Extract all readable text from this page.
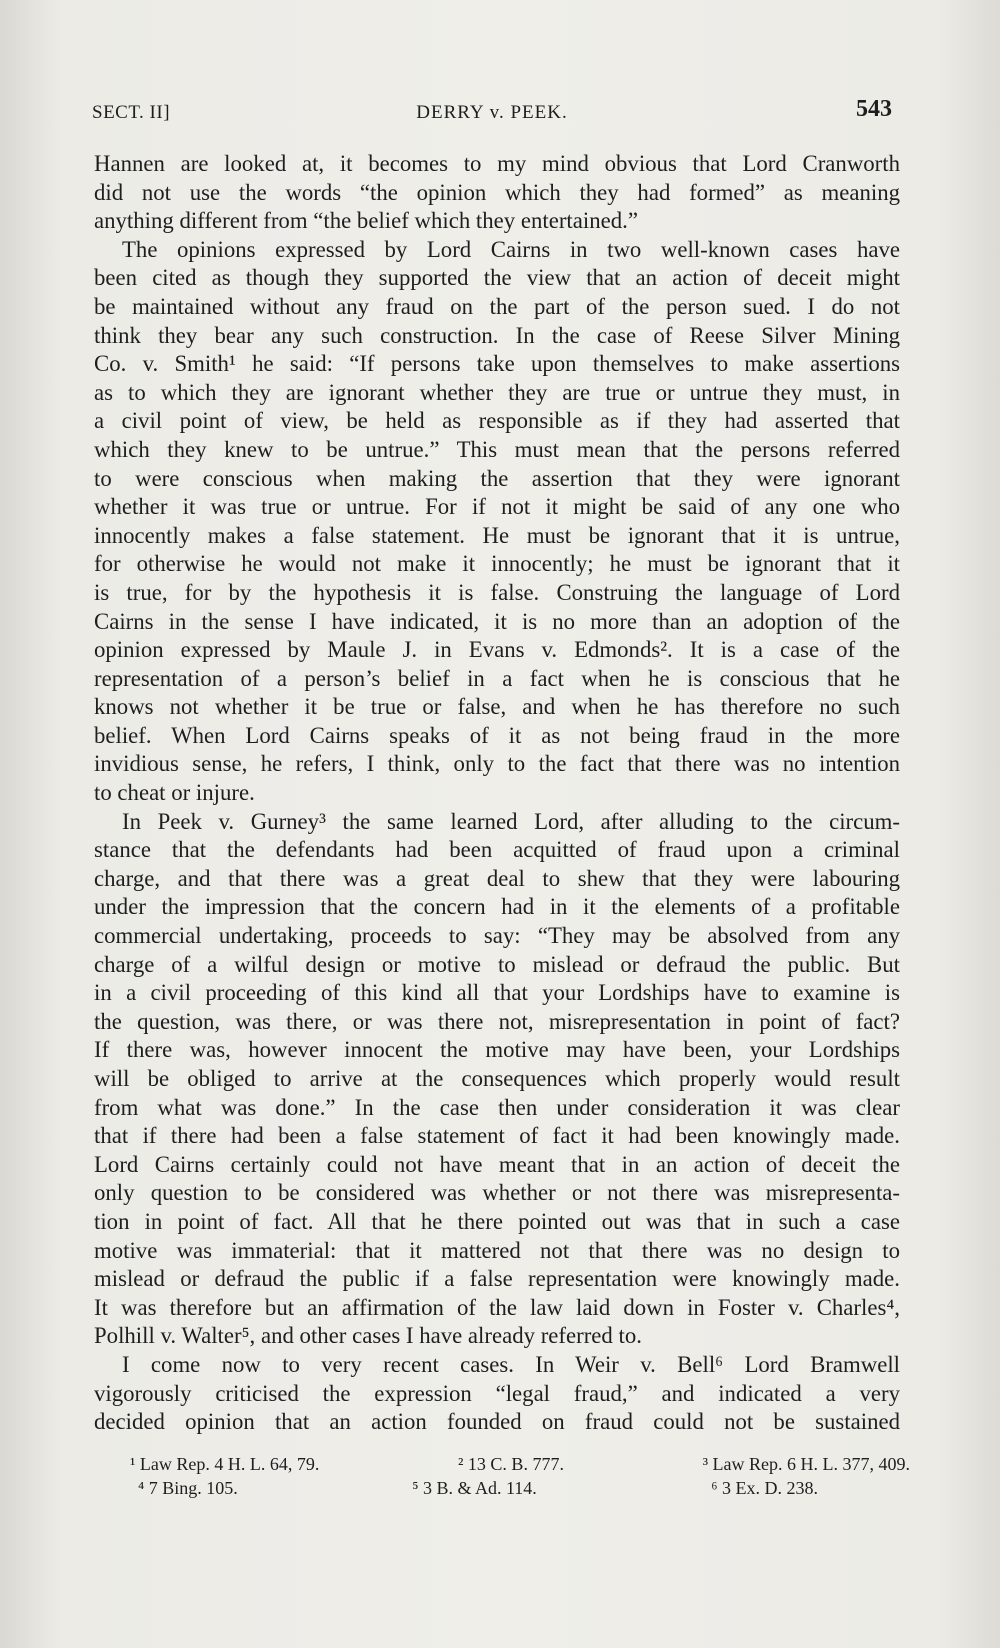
SECT. II]	DERRY v. PEEK.	543
Hannen are looked at, it becomes to my mind obvious that Lord Cranworth
did not use the words “the opinion which they had formed” as meaning
anything different from “the belief which they entertained.”
The opinions expressed by Lord Cairns in two well-known cases have
been cited as though they supported the view that an action of deceit might
be maintained without any fraud on the part of the person sued. I do not
think they bear any such construction. In the case of Reese Silver Mining
Co. v. Smith¹ he said: “If persons take upon themselves to make assertions
as to which they are ignorant whether they are true or untrue they must, in
a civil point of view, be held as responsible as if they had asserted that
which they knew to be untrue.” This must mean that the persons referred
to were conscious when making the assertion that they were ignorant
whether it was true or untrue. For if not it might be said of any one who
innocently makes a false statement. He must be ignorant that it is untrue,
for otherwise he would not make it innocently; he must be ignorant that it
is true, for by the hypothesis it is false. Construing the language of Lord
Cairns in the sense I have indicated, it is no more than an adoption of the
opinion expressed by Maule J. in Evans v. Edmonds². It is a case of the
representation of a person’s belief in a fact when he is conscious that he
knows not whether it be true or false, and when he has therefore no such
belief. When Lord Cairns speaks of it as not being fraud in the more
invidious sense, he refers, I think, only to the fact that there was no intention
to cheat or injure.
In Peek v. Gurney³ the same learned Lord, after alluding to the circum-
stance that the defendants had been acquitted of fraud upon a criminal
charge, and that there was a great deal to shew that they were labouring
under the impression that the concern had in it the elements of a profitable
commercial undertaking, proceeds to say: “They may be absolved from any
charge of a wilful design or motive to mislead or defraud the public. But
in a civil proceeding of this kind all that your Lordships have to examine is
the question, was there, or was there not, misrepresentation in point of fact?
If there was, however innocent the motive may have been, your Lordships
will be obliged to arrive at the consequences which properly would result
from what was done.” In the case then under consideration it was clear
that if there had been a false statement of fact it had been knowingly made.
Lord Cairns certainly could not have meant that in an action of deceit the
only question to be considered was whether or not there was misrepresenta-
tion in point of fact. All that he there pointed out was that in such a case
motive was immaterial: that it mattered not that there was no design to
mislead or defraud the public if a false representation were knowingly made.
It was therefore but an affirmation of the law laid down in Foster v. Charles⁴,
Polhill v. Walter⁵, and other cases I have already referred to.
I come now to very recent cases. In Weir v. Bell⁶ Lord Bramwell
vigorously criticised the expression “legal fraud,” and indicated a very
decided opinion that an action founded on fraud could not be sustained
¹ Law Rep. 4 H. L. 64, 79.	² 13 C. B. 777.	³ Law Rep. 6 H. L. 377, 409.
⁴ 7 Bing. 105.	⁵ 3 B. & Ad. 114.	⁶ 3 Ex. D. 238.
